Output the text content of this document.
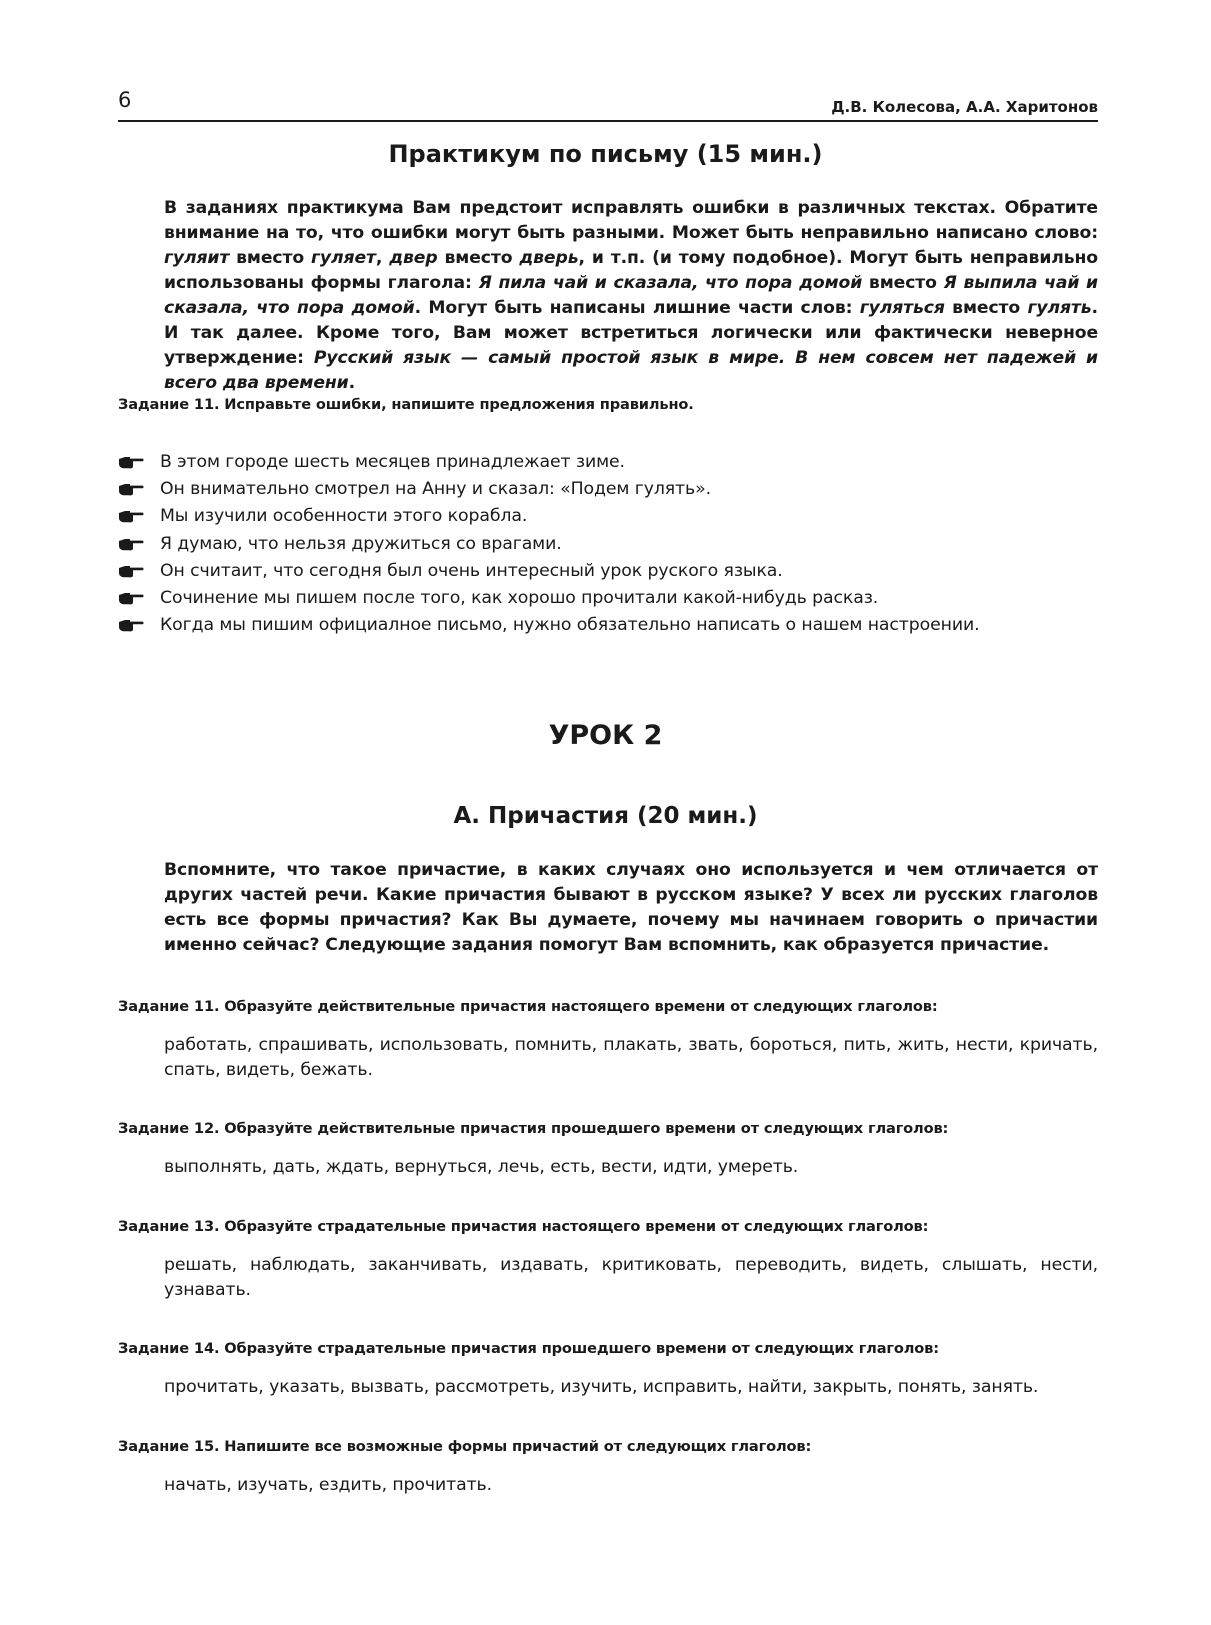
6	Д.В. Колесова, А.А. Харитонов
Практикум по письму (15 мин.)
В заданиях практикума Вам предстоит исправлять ошибки в различных текстах. Обратите внимание на то, что ошибки могут быть разными. Может быть неправильно написано слово: гуляит вместо гуляет, двер вместо дверь, и т.п. (и тому подобное). Могут быть неправильно использованы формы глагола: Я пила чай и сказала, что пора домой вместо Я выпила чай и сказала, что пора домой. Могут быть написаны лишние части слов: гуляться вместо гулять. И так далее. Кроме того, Вам может встретиться логически или фактически неверное утверждение: Русский язык — самый простой язык в мире. В нем совсем нет падежей и всего два времени.
Задание 11. Исправьте ошибки, напишите предложения правильно.
В этом городе шесть месяцев принадлежает зиме.
Он внимательно смотрел на Анну и сказал: «Подем гулять».
Мы изучили особенности этого корабла.
Я думаю, что нельзя дружиться со врагами.
Он считаит, что сегодня был очень интересный урок руского языка.
Сочинение мы пишем после того, как хорошо прочитали какой-нибудь расказ.
Когда мы пишим официалное письмо, нужно обязательно написать о нашем настроении.
УРОК 2
А. Причастия (20 мин.)
Вспомните, что такое причастие, в каких случаях оно используется и чем отличается от других частей речи. Какие причастия бывают в русском языке? У всех ли русских глаголов есть все формы причастия? Как Вы думаете, почему мы начинаем говорить о причастии именно сейчас? Следующие задания помогут Вам вспомнить, как образуется причастие.
Задание 11. Образуйте действительные причастия настоящего времени от следующих глаголов:
работать, спрашивать, использовать, помнить, плакать, звать, бороться, пить, жить, нести, кричать, спать, видеть, бежать.
Задание 12. Образуйте действительные причастия прошедшего времени от следующих глаголов:
выполнять, дать, ждать, вернуться, лечь, есть, вести, идти, умереть.
Задание 13. Образуйте страдательные причастия настоящего времени от следующих глаголов:
решать, наблюдать, заканчивать, издавать, критиковать, переводить, видеть, слышать, нести, узнавать.
Задание 14. Образуйте страдательные причастия прошедшего времени от следующих глаголов:
прочитать, указать, вызвать, рассмотреть, изучить, исправить, найти, закрыть, понять, занять.
Задание 15. Напишите все возможные формы причастий от следующих глаголов:
начать, изучать, ездить, прочитать.
